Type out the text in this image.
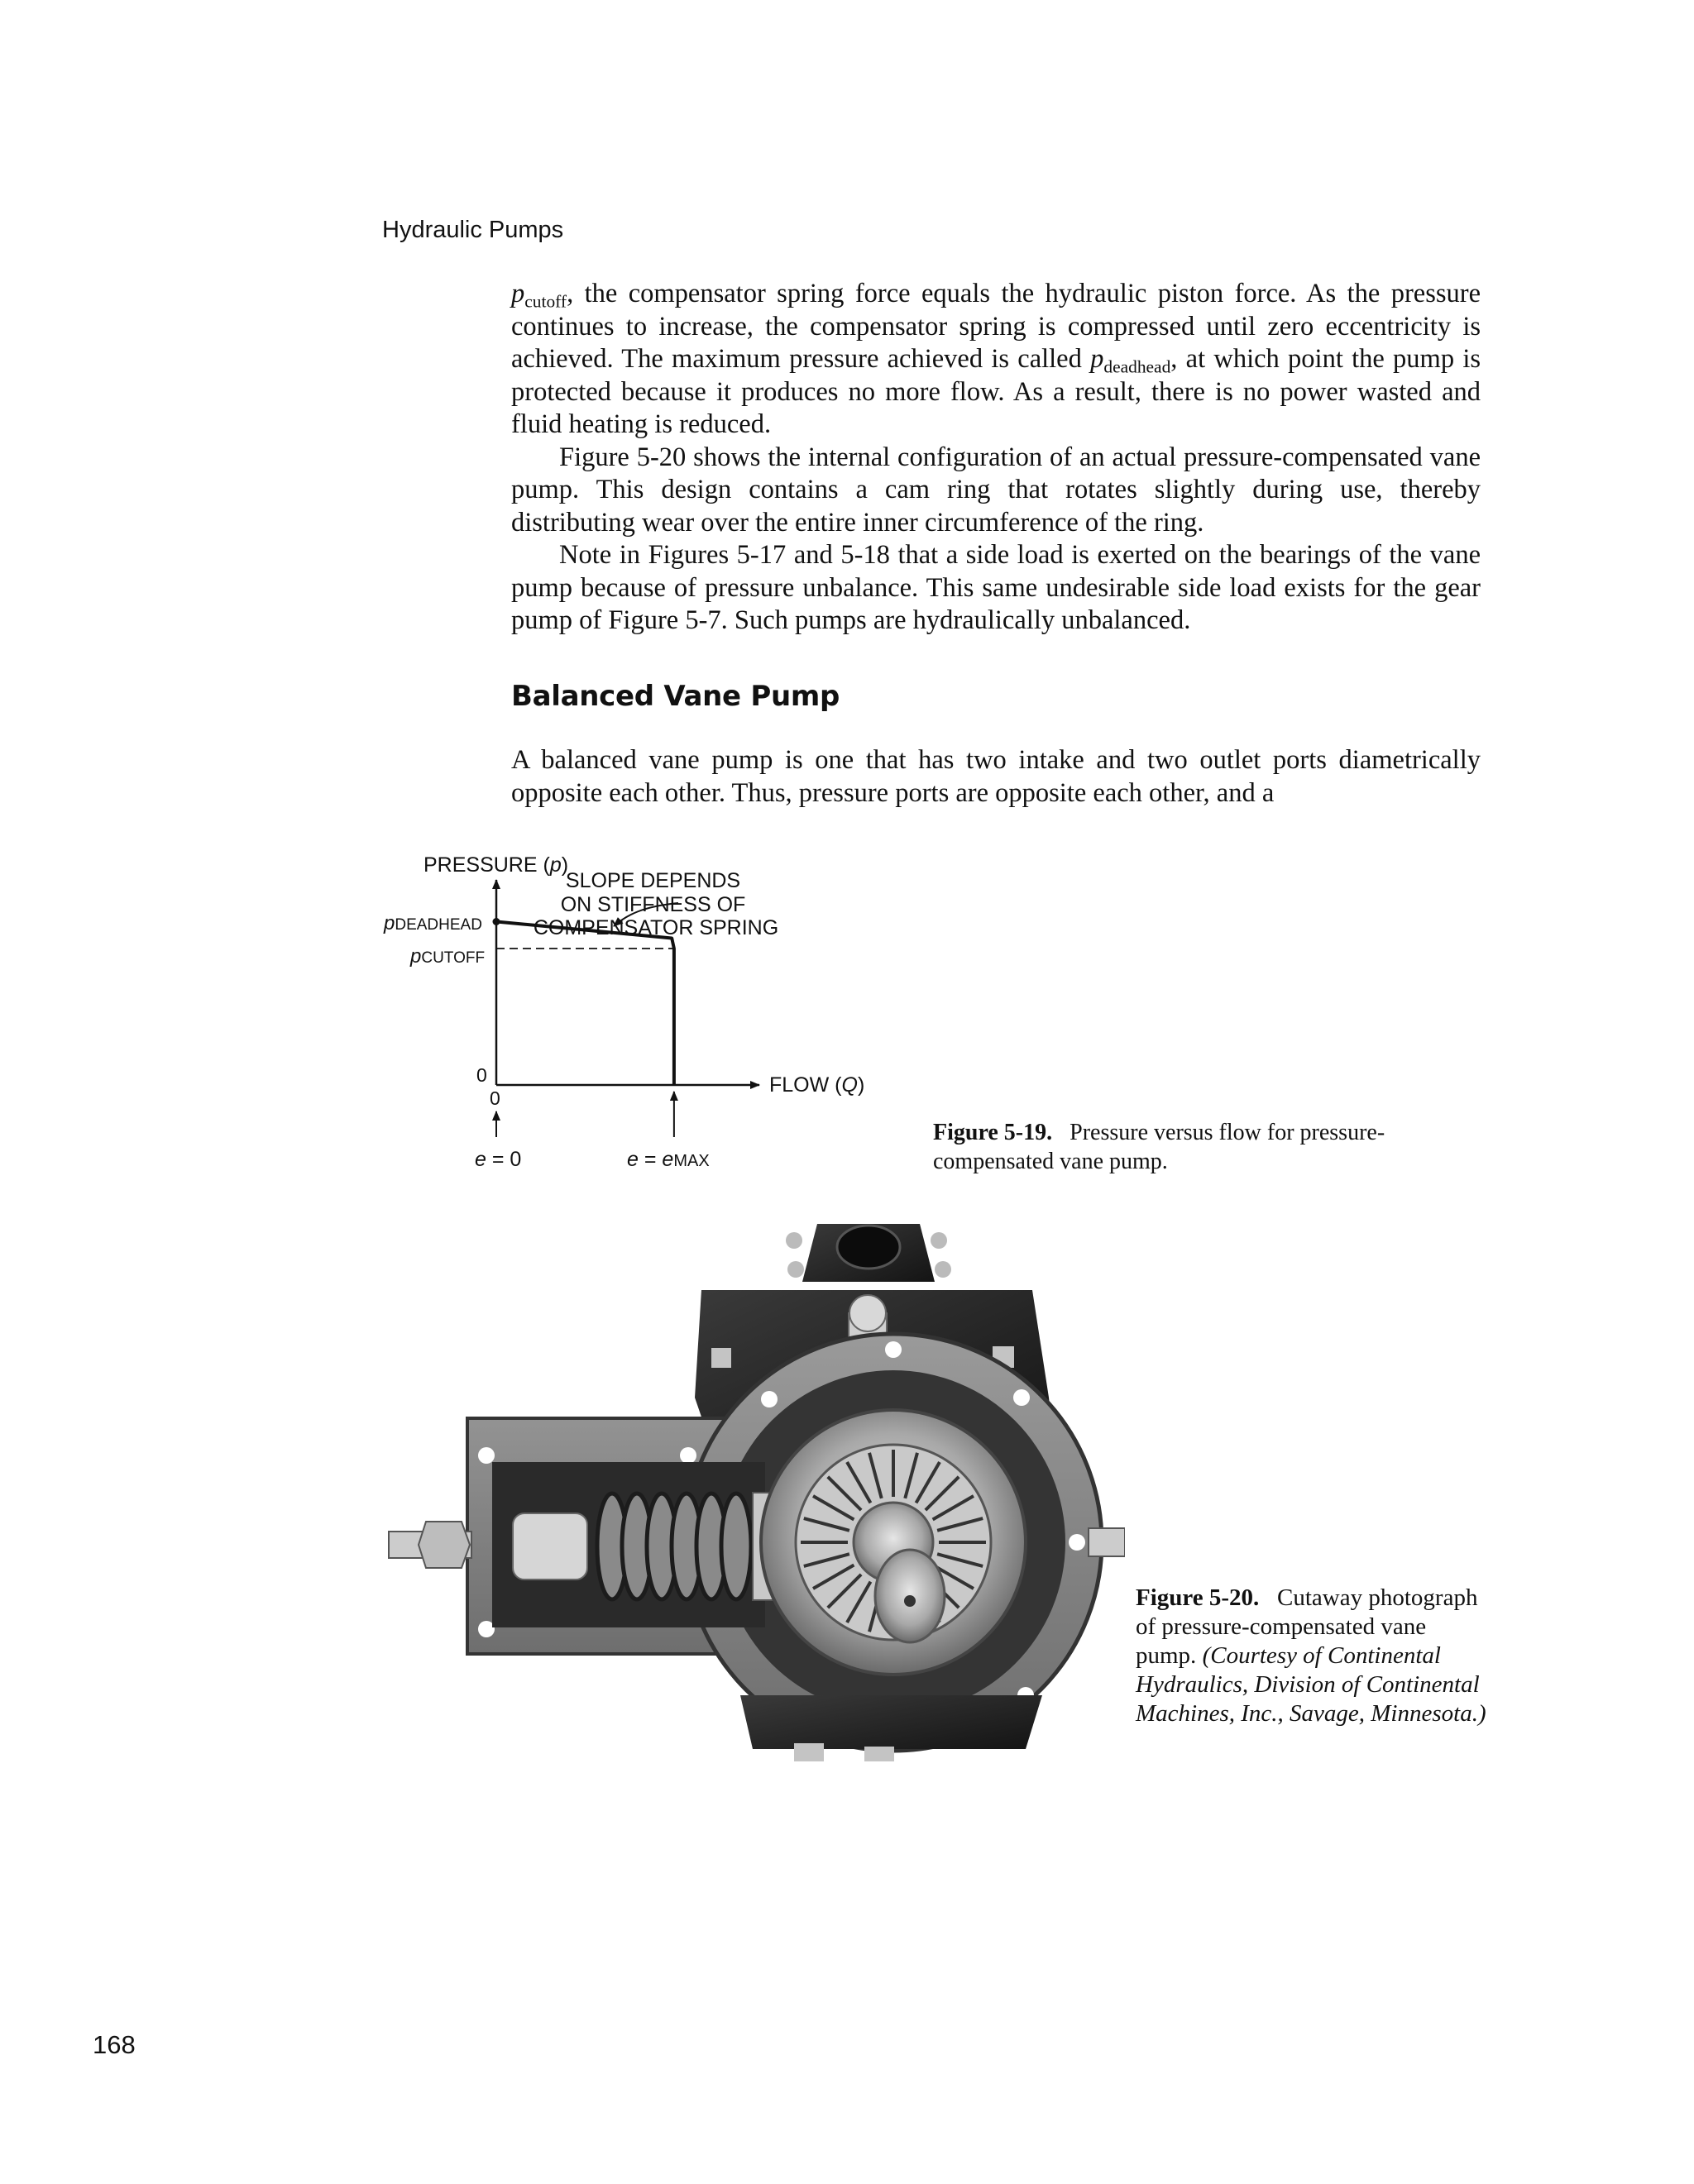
Hydraulic Pumps

$p_{cutoff}$, the compensator spring force equals the hydraulic piston force. As the pressure continues to increase, the compensator spring is compressed until zero eccentricity is achieved. The maximum pressure achieved is called $p_{deadhead}$, at which point the pump is protected because it produces no more flow. As a result, there is no power wasted and fluid heating is reduced.

Figure 5-20 shows the internal configuration of an actual pressure-compensated vane pump. This design contains a cam ring that rotates slightly during use, thereby distributing wear over the entire inner circumference of the ring.

Note in Figures 5-17 and 5-18 that a side load is exerted on the bearings of the vane pump because of pressure unbalance. This same undesirable side load exists for the gear pump of Figure 5-7. Such pumps are hydraulically unbalanced.

Balanced Vane Pump

A balanced vane pump is one that has two intake and two outlet ports diametrically opposite each other. Thus, pressure ports are opposite each other, and a

PRESSURE (p)
FLOW (Q)
0
0
pDEADHEAD
pCUTOFF
SLOPE DEPENDS ON STIFFNESS OF COMPENSATOR SPRING
e = 0	e = eMAX
Figure 5-19. Pressure versus flow for pressure-compensated vane pump.
Figure 5-20. Cutaway photograph of pressure-compensated vane pump. (Courtesy of Continental Hydraulics, Division of Continental Machines, Inc., Savage, Minnesota.)
168
